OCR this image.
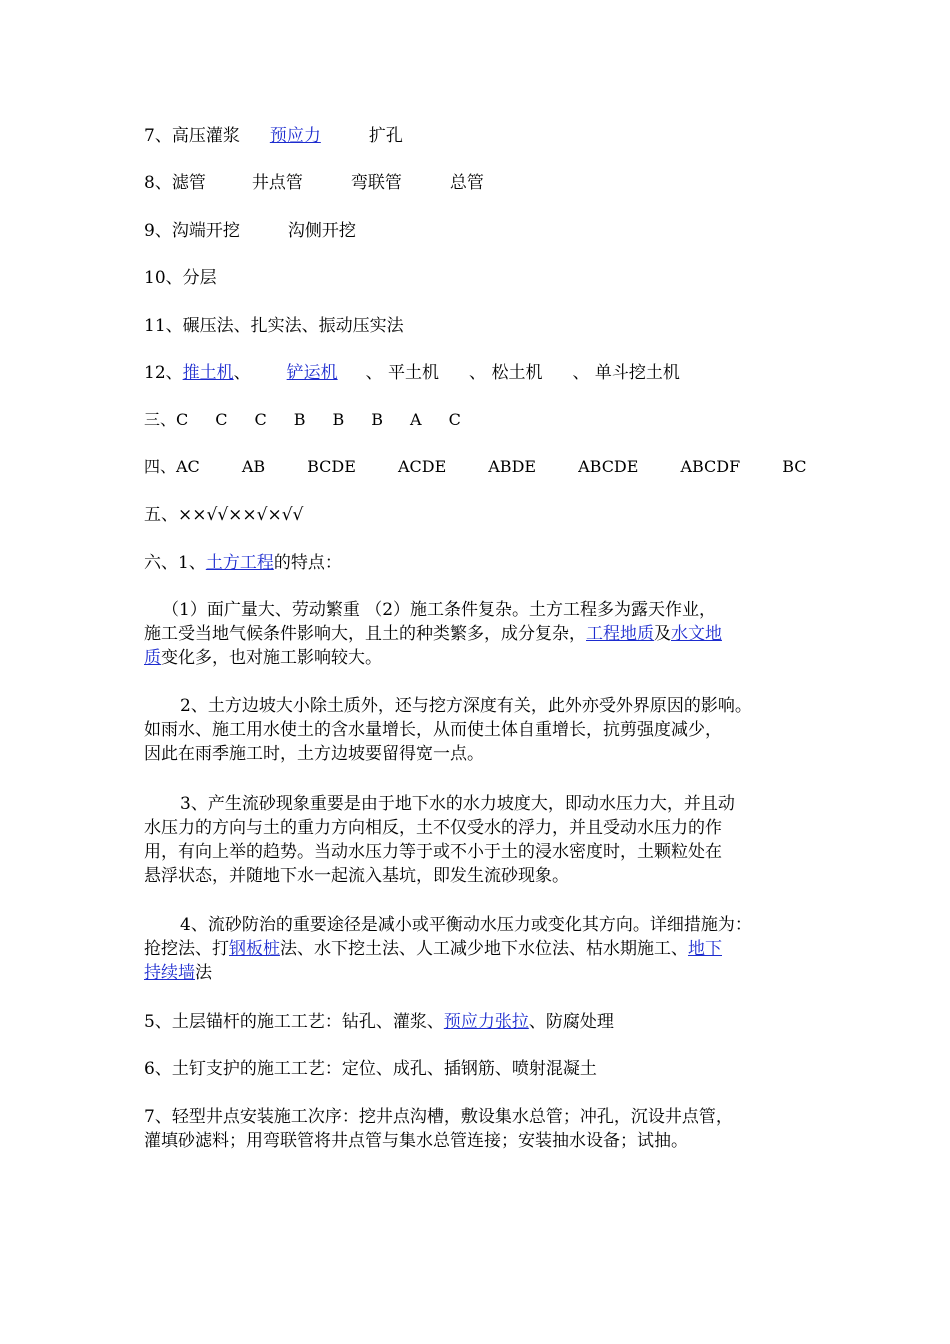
7、高压灌浆 预应力	扩孔
8、滤管	井点管	弯联管	总管
9、沟端开挖	沟侧开挖
10、分层
11、碾压法、扎实法、振动压实法
12、推土机、 铲运机 、 平土机 、 松土机 、 单斗挖土机
三、C C C B B B A C
四、AC	AB	BCDE	ACDE	ABDE	ABCDE	ABCDF	BC
五、××√√××√×√√
六、1、土方工程的特点：
（1）面广量大、劳动繁重 （2）施工条件复杂。土方工程多为露天作业，
施工受当地气候条件影响大，且土的种类繁多，成分复杂，工程地质及水文地
质变化多，也对施工影响较大。
2、土方边坡大小除土质外，还与挖方深度有关，此外亦受外界原因的影响。
如雨水、施工用水使土的含水量增长，从而使土体自重增长，抗剪强度减少，
因此在雨季施工时，土方边坡要留得宽一点。
3、产生流砂现象重要是由于地下水的水力坡度大，即动水压力大，并且动
水压力的方向与土的重力方向相反，土不仅受水的浮力，并且受动水压力的作
用，有向上举的趋势。当动水压力等于或不小于土的浸水密度时，土颗粒处在
悬浮状态，并随地下水一起流入基坑，即发生流砂现象。
4、流砂防治的重要途径是减小或平衡动水压力或变化其方向。详细措施为：
抢挖法、打钢板桩法、水下挖土法、人工减少地下水位法、枯水期施工、地下
持续墙法
5、土层锚杆的施工工艺：钻孔、灌浆、预应力张拉、防腐处理
6、土钉支护的施工工艺：定位、成孔、插钢筋、喷射混凝土
7、轻型井点安装施工次序：挖井点沟槽，敷设集水总管；冲孔，沉设井点管，
灌填砂滤料；用弯联管将井点管与集水总管连接；安装抽水设备；试抽。
